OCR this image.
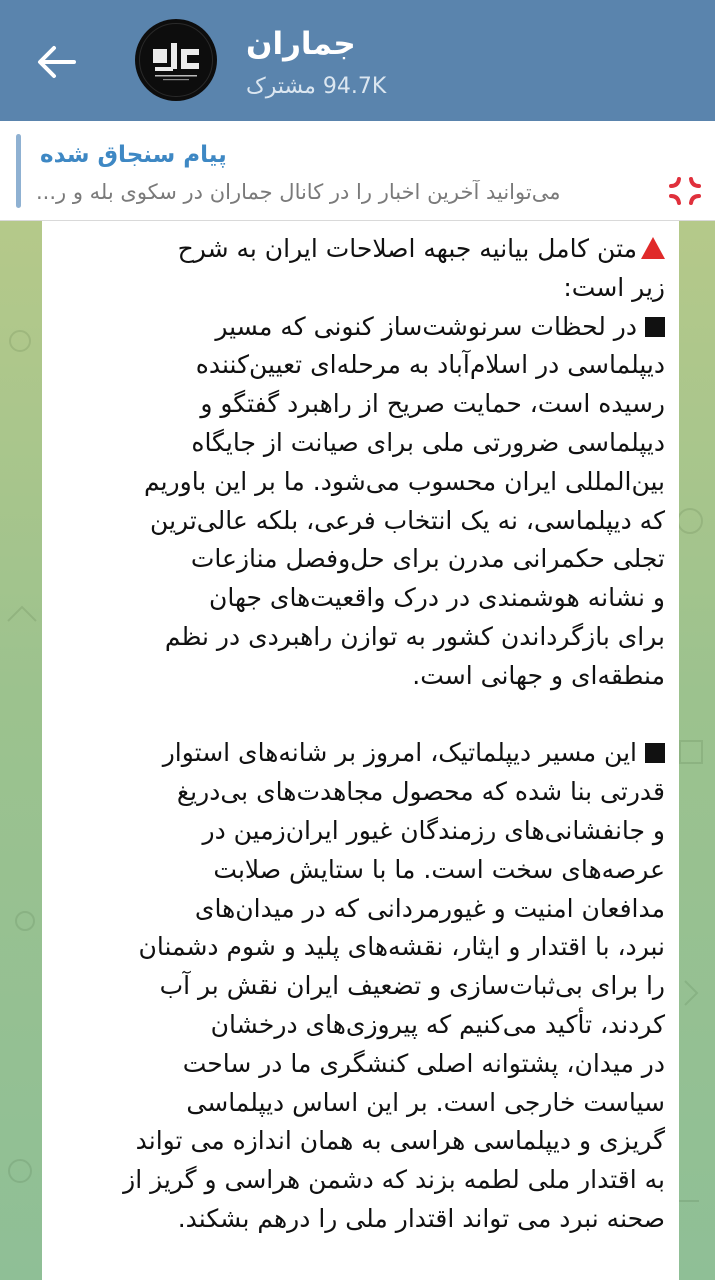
جماران
94.7K مشترک
پیام سنجاق شده
می‌توانید آخرین اخبار را در کانال جماران در سکوی بله و ر...
متن کامل بیانیه جبهه اصلاحات ایران به شرح
زیر است:
در لحظات سرنوشت‌ساز کنونی که مسیر
دیپلماسی در اسلام‌آباد به مرحله‌ای تعیین‌کننده
رسیده است، حمایت صریح از راهبرد گفتگو و
دیپلماسی ضرورتی ملی برای صیانت از جایگاه
بین‌المللی ایران محسوب می‌شود. ما بر این باوریم
که دیپلماسی، نه یک انتخاب فرعی، بلکه عالی‌ترین
تجلی حکمرانی مدرن برای حل‌وفصل منازعات
و نشانه هوشمندی در درک واقعیت‌های جهان
برای بازگرداندن کشور به توازن راهبردی در نظم
منطقه‌ای و جهانی است.
این مسیر دیپلماتیک، امروز بر شانه‌های استوار
قدرتی بنا شده که محصول مجاهدت‌های بی‌دریغ
و جانفشانی‌های رزمندگان غیور ایران‌زمین در
عرصه‌های سخت است. ما با ستایش صلابت
مدافعان امنیت و غیورمردانی که در میدان‌های
نبرد، با اقتدار و ایثار، نقشه‌های پلید و شوم دشمنان
را برای بی‌ثبات‌سازی و تضعیف ایران نقش بر آب
کردند، تأکید می‌کنیم که پیروزی‌های درخشان
در میدان، پشتوانه اصلی کنشگری ما در ساحت
سیاست خارجی است. بر این اساس دیپلماسی
گریزی و دیپلماسی هراسی به همان اندازه می تواند
به اقتدار ملی لطمه بزند که دشمن هراسی و گریز از
صحنه نبرد می تواند اقتدار ملی را درهم بشکند.
